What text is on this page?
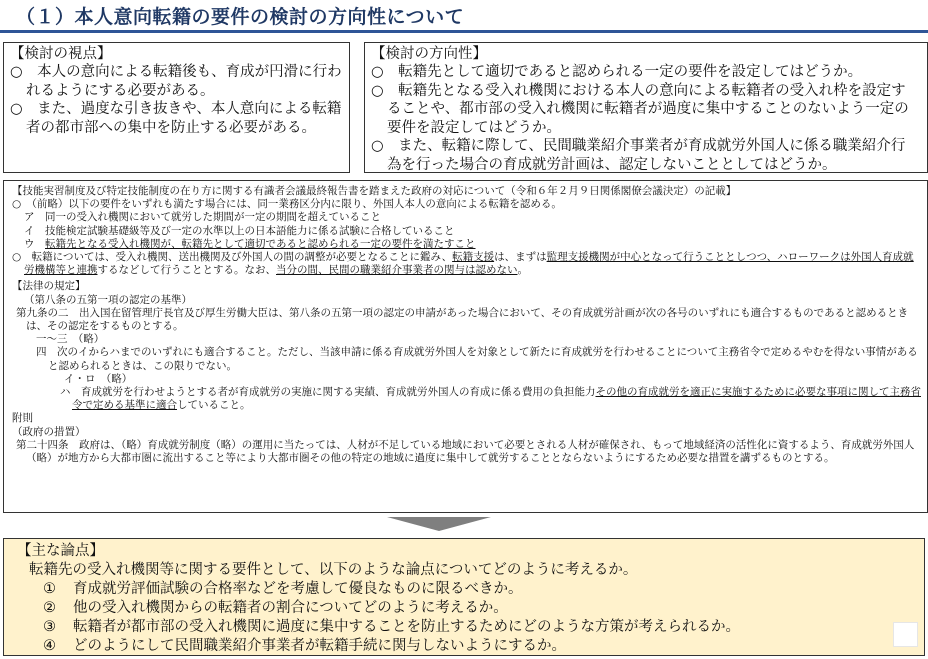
（１）本人意向転籍の要件の検討の方向性について
【検討の視点】
○　本人の意向による転籍後も、育成が円滑に行われるようにする必要がある。
○　また、過度な引き抜きや、本人意向による転籍者の都市部への集中を防止する必要がある。
【検討の方向性】
○　転籍先として適切であると認められる一定の要件を設定してはどうか。
○　転籍先となる受入れ機関における本人の意向による転籍者の受入れ枠を設定することや、都市部の受入れ機関に転籍者が過度に集中することのないよう一定の要件を設定してはどうか。
○　また、転籍に際して、民間職業紹介事業者が育成就労外国人に係る職業紹介行為を行った場合の育成就労計画は、認定しないこととしてはどうか。
【技能実習制度及び特定技能制度の在り方に関する有識者会議最終報告書を踏まえた政府の対応について（令和６年２月９日関係閣僚会議決定）の記載】
○　（前略）以下の要件をいずれも満たす場合には、同一業務区分内に限り、外国人本人の意向による転籍を認める。
ア　同一の受入れ機関において就労した期間が一定の期間を超えていること
イ　技能検定試験基礎級等及び一定の水準以上の日本語能力に係る試験に合格していること
ウ　転籍先となる受入れ機関が、転籍先として適切であると認められる一定の要件を満たすこと
○　転籍については、受入れ機関、送出機関及び外国人の間の調整が必要となることに鑑み、転籍支援は、まずは監理支援機関が中心となって行うこととしつつ、ハローワークは外国人育成就労機構等と連携するなどして行うこととする。なお、当分の間、民間の職業紹介事業者の関与は認めない。
【法律の規定】
（第八条の五第一項の認定の基準）
第九条の二　出入国在留管理庁長官及び厚生労働大臣は、第八条の五第一項の認定の申請があった場合において、その育成就労計画が次の各号のいずれにも適合するものであると認めるときは、その認定をするものとする。
一～三　（略）
四　次のイからハまでのいずれにも適合すること。ただし、当該申請に係る育成就労外国人を対象として新たに育成就労を行わせることについて主務省令で定めるやむを得ない事情があると認められるときは、この限りでない。
イ・ロ　（略）
ハ　育成就労を行わせようとする者が育成就労の実施に関する実績、育成就労外国人の育成に係る費用の負担能力その他の育成就労を適正に実施するために必要な事項に関して主務省令で定める基準に適合していること。
附則
（政府の措置）
第二十四条　政府は、（略）育成就労制度（略）の運用に当たっては、人材が不足している地域において必要とされる人材が確保され、もって地域経済の活性化に資するよう、育成就労外国人（略）が地方から大都市圏に流出すること等により大都市圏その他の特定の地域に過度に集中して就労することとならないようにするため必要な措置を講ずるものとする。
【主な論点】
転籍先の受入れ機関等に関する要件として、以下のような論点についてどのように考えるか。
① 育成就労評価試験の合格率などを考慮して優良なものに限るべきか。
② 他の受入れ機関からの転籍者の割合についてどのように考えるか。
③ 転籍者が都市部の受入れ機関に過度に集中することを防止するためにどのような方策が考えられるか。
④ どのようにして民間職業紹介事業者が転籍手続に関与しないようにするか。
